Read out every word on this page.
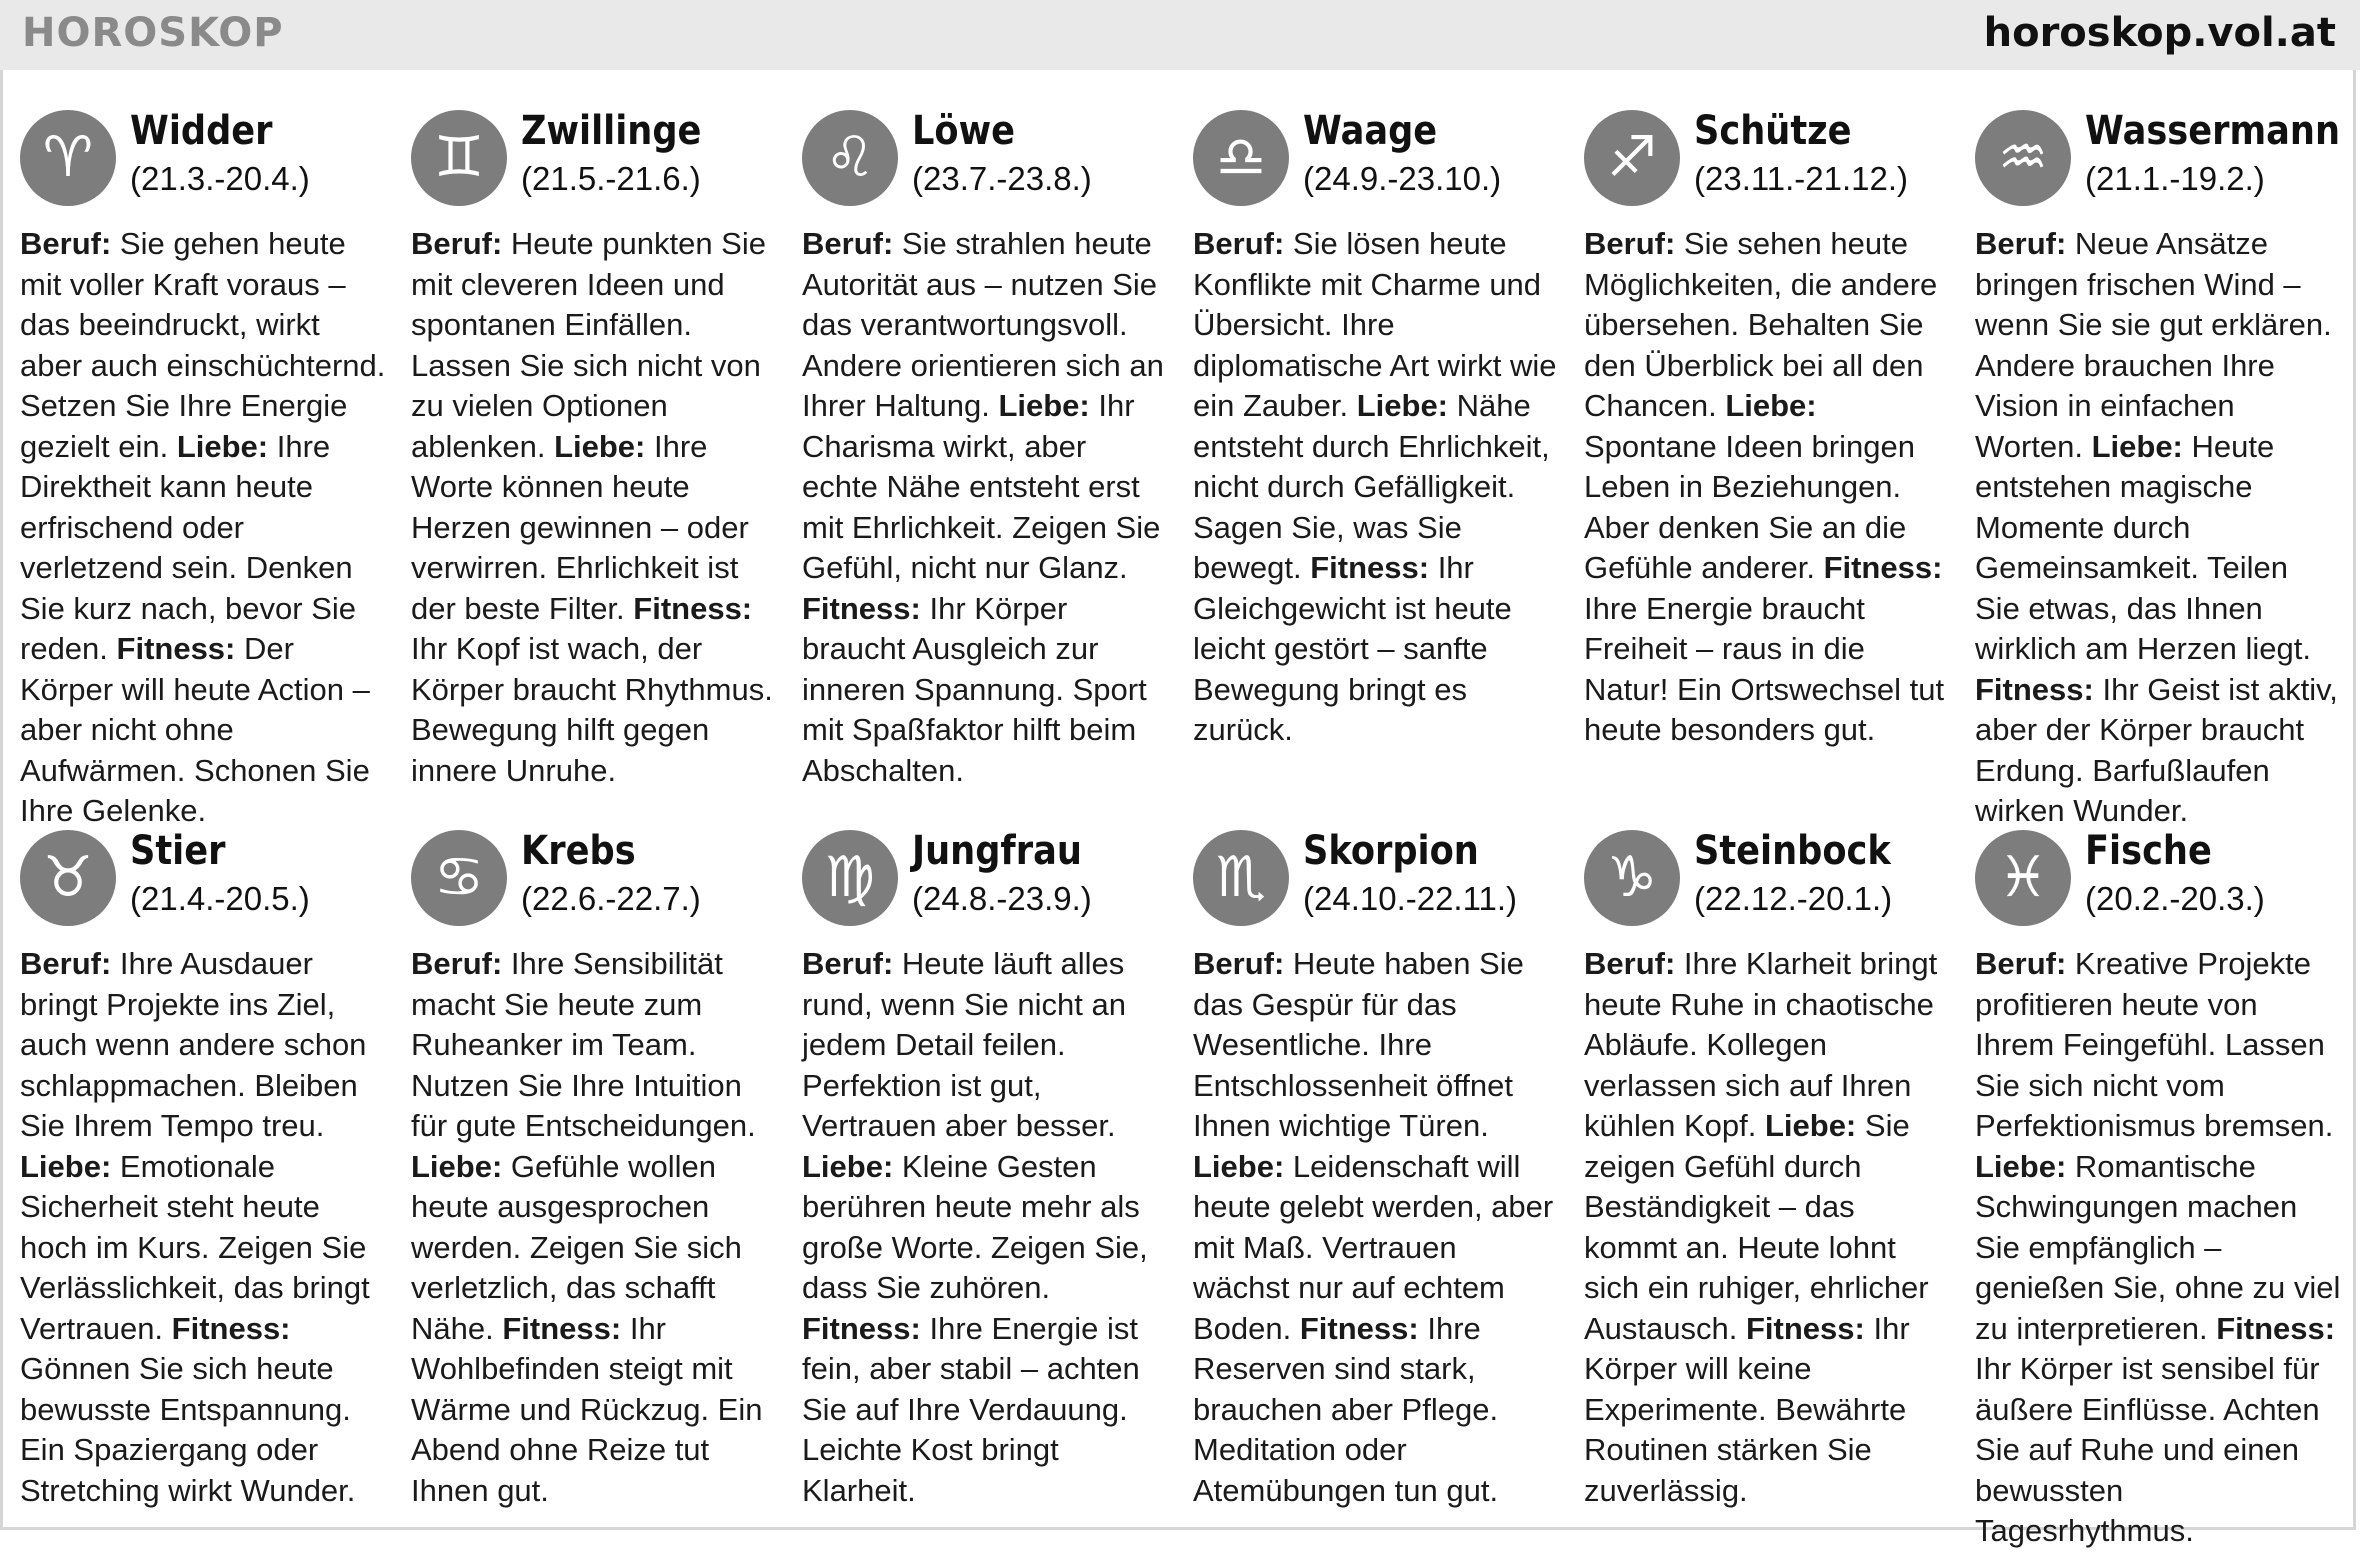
HOROSKOP	horoskop.vol.at
♈ Widder
(21.3.-20.4.)
Beruf: Sie gehen heute mit voller Kraft voraus – das beeindruckt, wirkt aber auch einschüchternd. Setzen Sie Ihre Energie gezielt ein. Liebe: Ihre Direktheit kann heute erfrischend oder verletzend sein. Denken Sie kurz nach, bevor Sie reden. Fitness: Der Körper will heute Action – aber nicht ohne Aufwärmen. Schonen Sie Ihre Gelenke.
♊ Zwillinge
(21.5.-21.6.)
Beruf: Heute punkten Sie mit cleveren Ideen und spontanen Einfällen. Lassen Sie sich nicht von zu vielen Optionen ablenken. Liebe: Ihre Worte können heute Herzen gewinnen – oder verwirren. Ehrlichkeit ist der beste Filter. Fitness: Ihr Kopf ist wach, der Körper braucht Rhythmus. Bewegung hilft gegen innere Unruhe.
♌ Löwe
(23.7.-23.8.)
Beruf: Sie strahlen heute Autorität aus – nutzen Sie das verantwortungsvoll. Andere orientieren sich an Ihrer Haltung. Liebe: Ihr Charisma wirkt, aber echte Nähe entsteht erst mit Ehrlichkeit. Zeigen Sie Gefühl, nicht nur Glanz. Fitness: Ihr Körper braucht Ausgleich zur inneren Spannung. Sport mit Spaßfaktor hilft beim Abschalten.
♎ Waage
(24.9.-23.10.)
Beruf: Sie lösen heute Konflikte mit Charme und Übersicht. Ihre diplomatische Art wirkt wie ein Zauber. Liebe: Nähe entsteht durch Ehrlichkeit, nicht durch Gefälligkeit. Sagen Sie, was Sie bewegt. Fitness: Ihr Gleichgewicht ist heute leicht gestört – sanfte Bewegung bringt es zurück.
♐ Schütze
(23.11.-21.12.)
Beruf: Sie sehen heute Möglichkeiten, die andere übersehen. Behalten Sie den Überblick bei all den Chancen. Liebe: Spontane Ideen bringen Leben in Beziehungen. Aber denken Sie an die Gefühle anderer. Fitness: Ihre Energie braucht Freiheit – raus in die Natur! Ein Ortswechsel tut heute besonders gut.
♒ Wassermann
(21.1.-19.2.)
Beruf: Neue Ansätze bringen frischen Wind – wenn Sie sie gut erklären. Andere brauchen Ihre Vision in einfachen Worten. Liebe: Heute entstehen magische Momente durch Gemeinsamkeit. Teilen Sie etwas, das Ihnen wirklich am Herzen liegt. Fitness: Ihr Geist ist aktiv, aber der Körper braucht Erdung. Barfußlaufen wirken Wunder.
♉ Stier
(21.4.-20.5.)
Beruf: Ihre Ausdauer bringt Projekte ins Ziel, auch wenn andere schon schlappmachen. Bleiben Sie Ihrem Tempo treu. Liebe: Emotionale Sicherheit steht heute hoch im Kurs. Zeigen Sie Verlässlichkeit, das bringt Vertrauen. Fitness: Gönnen Sie sich heute bewusste Entspannung. Ein Spaziergang oder Stretching wirkt Wunder.
♋ Krebs
(22.6.-22.7.)
Beruf: Ihre Sensibilität macht Sie heute zum Ruheanker im Team. Nutzen Sie Ihre Intuition für gute Entscheidungen. Liebe: Gefühle wollen heute ausgesprochen werden. Zeigen Sie sich verletzlich, das schafft Nähe. Fitness: Ihr Wohlbefinden steigt mit Wärme und Rückzug. Ein Abend ohne Reize tut Ihnen gut.
♍ Jungfrau
(24.8.-23.9.)
Beruf: Heute läuft alles rund, wenn Sie nicht an jedem Detail feilen. Perfektion ist gut, Vertrauen aber besser. Liebe: Kleine Gesten berühren heute mehr als große Worte. Zeigen Sie, dass Sie zuhören. Fitness: Ihre Energie ist fein, aber stabil – achten Sie auf Ihre Verdauung. Leichte Kost bringt Klarheit.
♏ Skorpion
(24.10.-22.11.)
Beruf: Heute haben Sie das Gespür für das Wesentliche. Ihre Entschlossenheit öffnet Ihnen wichtige Türen. Liebe: Leidenschaft will heute gelebt werden, aber mit Maß. Vertrauen wächst nur auf echtem Boden. Fitness: Ihre Reserven sind stark, brauchen aber Pflege. Meditation oder Atemübungen tun gut.
♑ Steinbock
(22.12.-20.1.)
Beruf: Ihre Klarheit bringt heute Ruhe in chaotische Abläufe. Kollegen verlassen sich auf Ihren kühlen Kopf. Liebe: Sie zeigen Gefühl durch Beständigkeit – das kommt an. Heute lohnt sich ein ruhiger, ehrlicher Austausch. Fitness: Ihr Körper will keine Experimente. Bewährte Routinen stärken Sie zuverlässig.
♓ Fische
(20.2.-20.3.)
Beruf: Kreative Projekte profitieren heute von Ihrem Feingefühl. Lassen Sie sich nicht vom Perfektionismus bremsen. Liebe: Romantische Schwingungen machen Sie empfänglich – genießen Sie, ohne zu viel zu interpretieren. Fitness: Ihr Körper ist sensibel für äußere Einflüsse. Achten Sie auf Ruhe und einen bewussten Tagesrhythmus.
